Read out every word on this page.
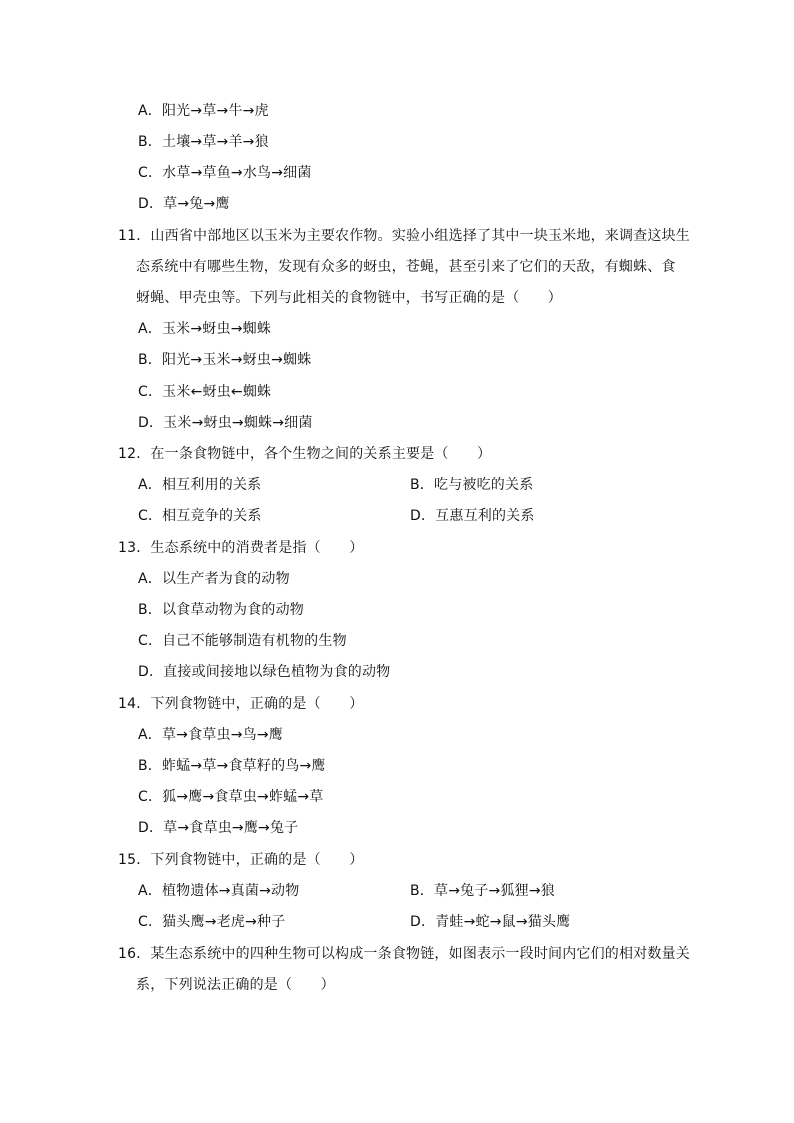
A．阳光→草→牛→虎
B．土壤→草→羊→狼
C．水草→草鱼→水鸟→细菌
D．草→兔→鹰
11．山西省中部地区以玉米为主要农作物。实验小组选择了其中一块玉米地，来调查这块生
态系统中有哪些生物，发现有众多的蚜虫，苍蝇，甚至引来了它们的天敌，有蜘蛛、食
蚜蝇、甲壳虫等。下列与此相关的食物链中，书写正确的是（　　）
A．玉米→蚜虫→蜘蛛
B．阳光→玉米→蚜虫→蜘蛛
C．玉米←蚜虫←蜘蛛
D．玉米→蚜虫→蜘蛛→细菌
12．在一条食物链中，各个生物之间的关系主要是（　　）
A．相互利用的关系	B．吃与被吃的关系
C．相互竞争的关系	D．互惠互利的关系
13．生态系统中的消费者是指（　　）
A．以生产者为食的动物
B．以食草动物为食的动物
C．自己不能够制造有机物的生物
D．直接或间接地以绿色植物为食的动物
14．下列食物链中，正确的是（　　）
A．草→食草虫→鸟→鹰
B．蚱蜢→草→食草籽的鸟→鹰
C．狐→鹰→食草虫→蚱蜢→草
D．草→食草虫→鹰→兔子
15．下列食物链中，正确的是（　　）
A．植物遗体→真菌→动物	B．草→兔子→狐狸→狼
C．猫头鹰→老虎→种子	D．青蛙→蛇→鼠→猫头鹰
16．某生态系统中的四种生物可以构成一条食物链，如图表示一段时间内它们的相对数量关
系，下列说法正确的是（　　）
